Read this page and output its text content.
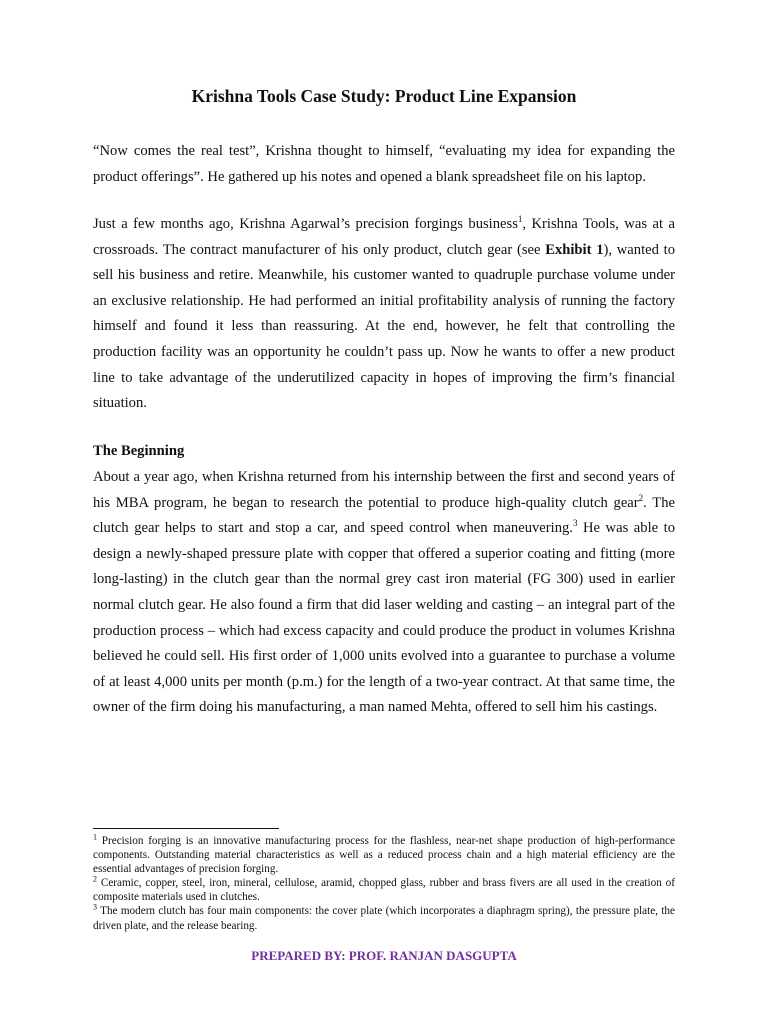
Krishna Tools Case Study: Product Line Expansion

“Now comes the real test”, Krishna thought to himself, “evaluating my idea for expanding the product offerings”. He gathered up his notes and opened a blank spreadsheet file on his laptop.

Just a few months ago, Krishna Agarwal’s precision forgings business$^1$, Krishna Tools, was at a crossroads. The contract manufacturer of his only product, clutch gear (see Exhibit 1), wanted to sell his business and retire. Meanwhile, his customer wanted to quadruple purchase volume under an exclusive relationship. He had performed an initial profitability analysis of running the factory himself and found it less than reassuring. At the end, however, he felt that controlling the production facility was an opportunity he couldn’t pass up. Now he wants to offer a new product line to take advantage of the underutilized capacity in hopes of improving the firm’s financial situation.

The Beginning

About a year ago, when Krishna returned from his internship between the first and second years of his MBA program, he began to research the potential to produce high-quality clutch gear$^2$. The clutch gear helps to start and stop a car, and speed control when maneuvering.$^3$ He was able to design a newly-shaped pressure plate with copper that offered a superior coating and fitting (more long-lasting) in the clutch gear than the normal grey cast iron material (FG 300) used in earlier normal clutch gear. He also found a firm that did laser welding and casting – an integral part of the production process – which had excess capacity and could produce the product in volumes Krishna believed he could sell. His first order of 1,000 units evolved into a guarantee to purchase a volume of at least 4,000 units per month (p.m.) for the length of a two-year contract. At that same time, the owner of the firm doing his manufacturing, a man named Mehta, offered to sell him his castings.

$^1$ Precision forging is an innovative manufacturing process for the flashless, near-net shape production of high-performance components. Outstanding material characteristics as well as a reduced process chain and a high material efficiency are the essential advantages of precision forging.

$^2$ Ceramic, copper, steel, iron, mineral, cellulose, aramid, chopped glass, rubber and brass fivers are all used in the creation of composite materials used in clutches.

$^3$ The modern clutch has four main components: the cover plate (which incorporates a diaphragm spring), the pressure plate, the driven plate, and the release bearing.

PREPARED BY: PROF. RANJAN DASGUPTA
